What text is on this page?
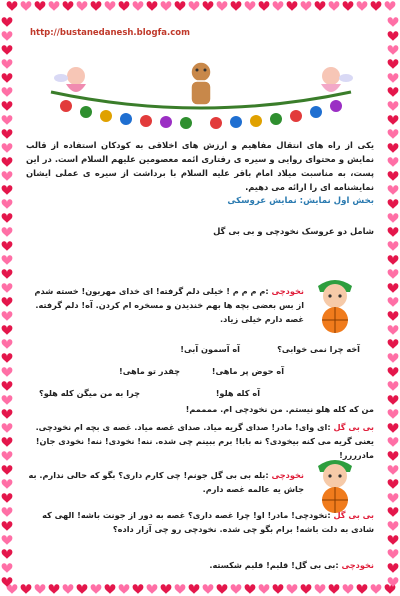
http://bustanedanesh.blogfa.com

یکی از راه های انتقال مفاهیم و ارزش های اخلاقی به کودکان استفاده از قالب نمایش و محتوای روایی و سیره ی رفتاری ائمه معصومین علیهم السلام است. در این پست، به مناسبت میلاد امام باقر علیه السلام با برداشت از سیره ی عملی ایشان نمایشنامه ای را ارائه می دهیم.

بخش اول نمایش: نمایش عروسکی
شامل دو عروسک نخودچی و بی بی گل
نخودچی :م م م م ! خیلی دلم گرفته! ای خدای مهربون! خسته شدم از بس بعضی بچه ها بهم خندیدن و مسخره ام کردن. آه! دلم گرفته. غصه دارم خیلی زیاد.
آه آسمون آبی!	آخه چرا نمی خوابی؟
آه حوض پر ماهی!
چقدر تو ماهی!
آه کله هلو!
چرا به من میگن کله هلو؟
من که کله هلو نیستم. من نخودچی ام. ممممم!
بی بی گل :ای وای! مادر! صدای گریه میاد. صدای غصه میاد. غصه ی بچه ام نخودچی. یعنی گریه می کنه بیخودی؟ نه بابا! برم ببینم چی شده. ننه! نخودی! ننه! نخودی جان! مادرررر!
نخودچی :بله بی بی گل جونم! چی کارم داری؟ بگو که حالی ندارم. به جاش یه عالمه غصه دارم.
بی بی گل :نخودچی! مادر! او! چرا غصه داری؟ غصه به دور از جونت باشه! الهی که شادی به دلت باشه! برام بگو چی شده. نخودچی رو چی آزار داده؟
نخودچی :بی بی گل! قلبم! قلبم شکسته.
